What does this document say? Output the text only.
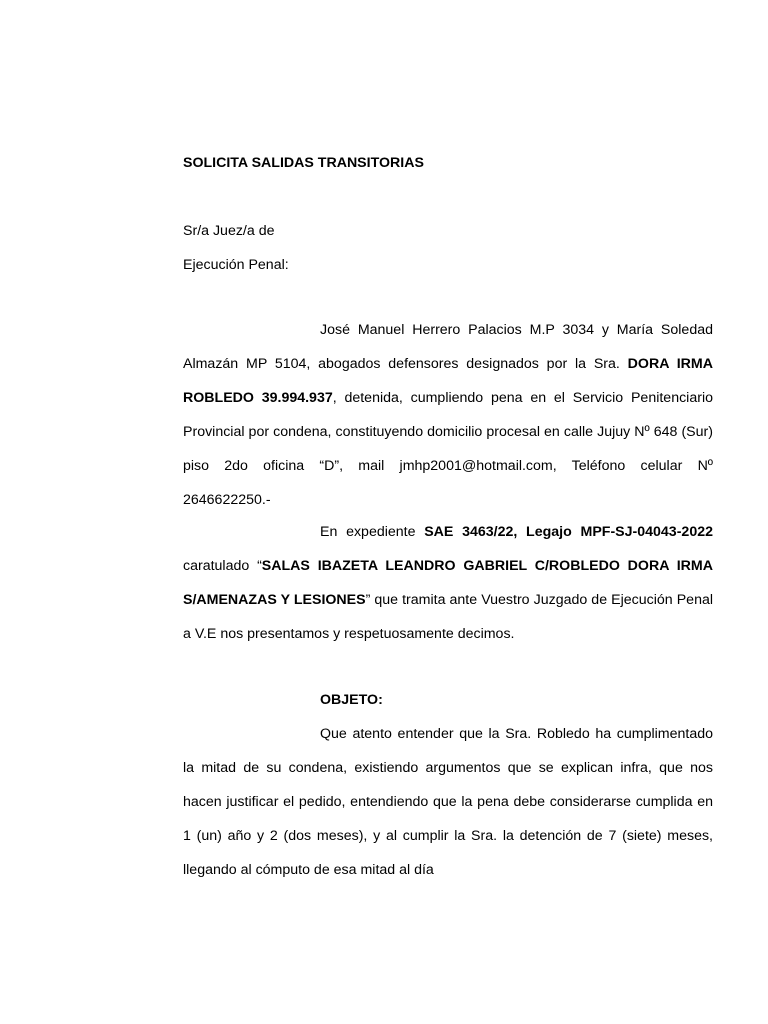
SOLICITA SALIDAS TRANSITORIAS
Sr/a Juez/a de
Ejecución Penal:
José Manuel Herrero Palacios M.P 3034 y María Soledad Almazán MP 5104, abogados defensores designados por la Sra. DORA IRMA ROBLEDO 39.994.937, detenida, cumpliendo pena en el Servicio Penitenciario Provincial por condena, constituyendo domicilio procesal en calle Jujuy Nº 648 (Sur) piso 2do oficina “D”, mail jmhp2001@hotmail.com, Teléfono celular Nº 2646622250.-
En expediente SAE 3463/22, Legajo MPF-SJ-04043-2022 caratulado “SALAS IBAZETA LEANDRO GABRIEL C/ROBLEDO DORA IRMA S/AMENAZAS Y LESIONES” que tramita ante Vuestro Juzgado de Ejecución Penal a V.E nos presentamos y respetuosamente decimos.
OBJETO:
Que atento entender que la Sra. Robledo ha cumplimentado la mitad de su condena, existiendo argumentos que se explican infra, que nos hacen justificar el pedido, entendiendo que la pena debe considerarse cumplida en 1 (un) año y 2 (dos meses), y al cumplir la Sra. la detención de 7 (siete) meses, llegando al cómputo de esa mitad al día
